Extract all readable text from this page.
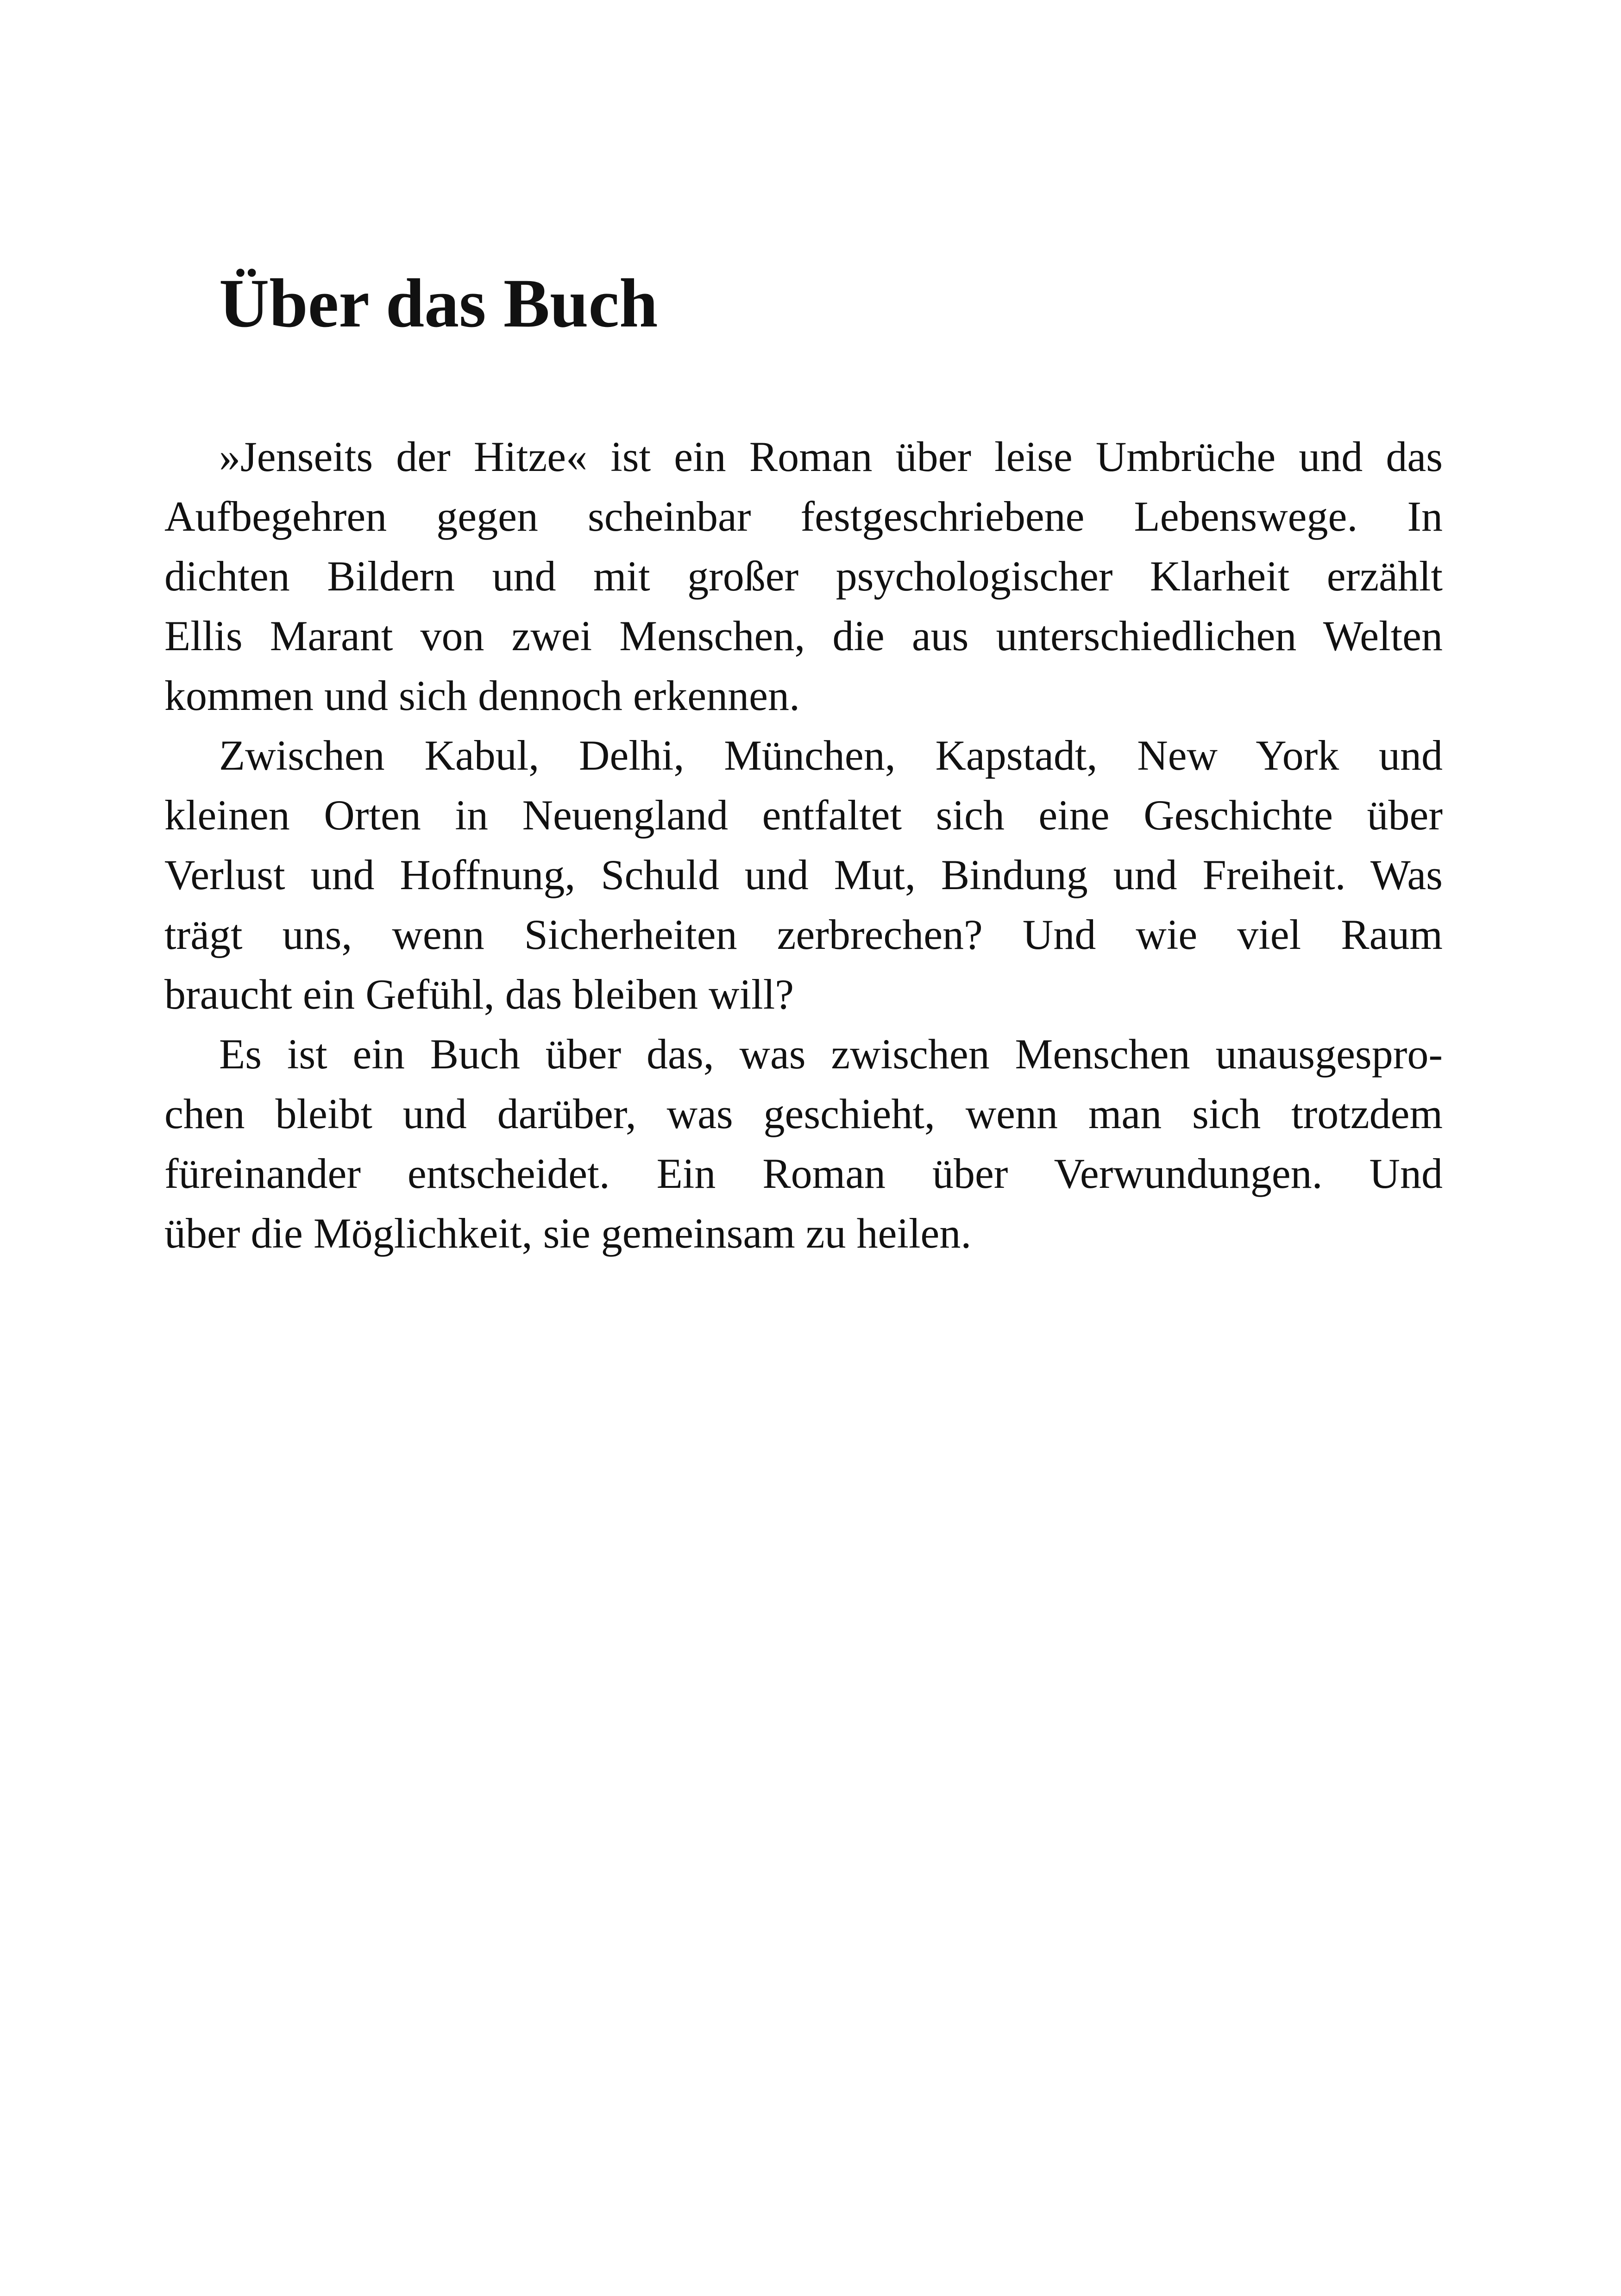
Über das Buch

»Jenseits der Hitze« ist ein Roman über leise Umbrüche und das
Aufbegehren gegen scheinbar festgeschriebene Lebenswege. In
dichten Bildern und mit großer psychologischer Klarheit erzählt
Ellis Marant von zwei Menschen, die aus unterschiedlichen Welten
kommen und sich dennoch erkennen.

Zwischen Kabul, Delhi, München, Kapstadt, New York und
kleinen Orten in Neuengland entfaltet sich eine Geschichte über
Verlust und Hoffnung, Schuld und Mut, Bindung und Freiheit. Was
trägt uns, wenn Sicherheiten zerbrechen? Und wie viel Raum
braucht ein Gefühl, das bleiben will?

Es ist ein Buch über das, was zwischen Menschen unausgespro-
chen bleibt und darüber, was geschieht, wenn man sich trotzdem
füreinander entscheidet. Ein Roman über Verwundungen. Und
über die Möglichkeit, sie gemeinsam zu heilen.
